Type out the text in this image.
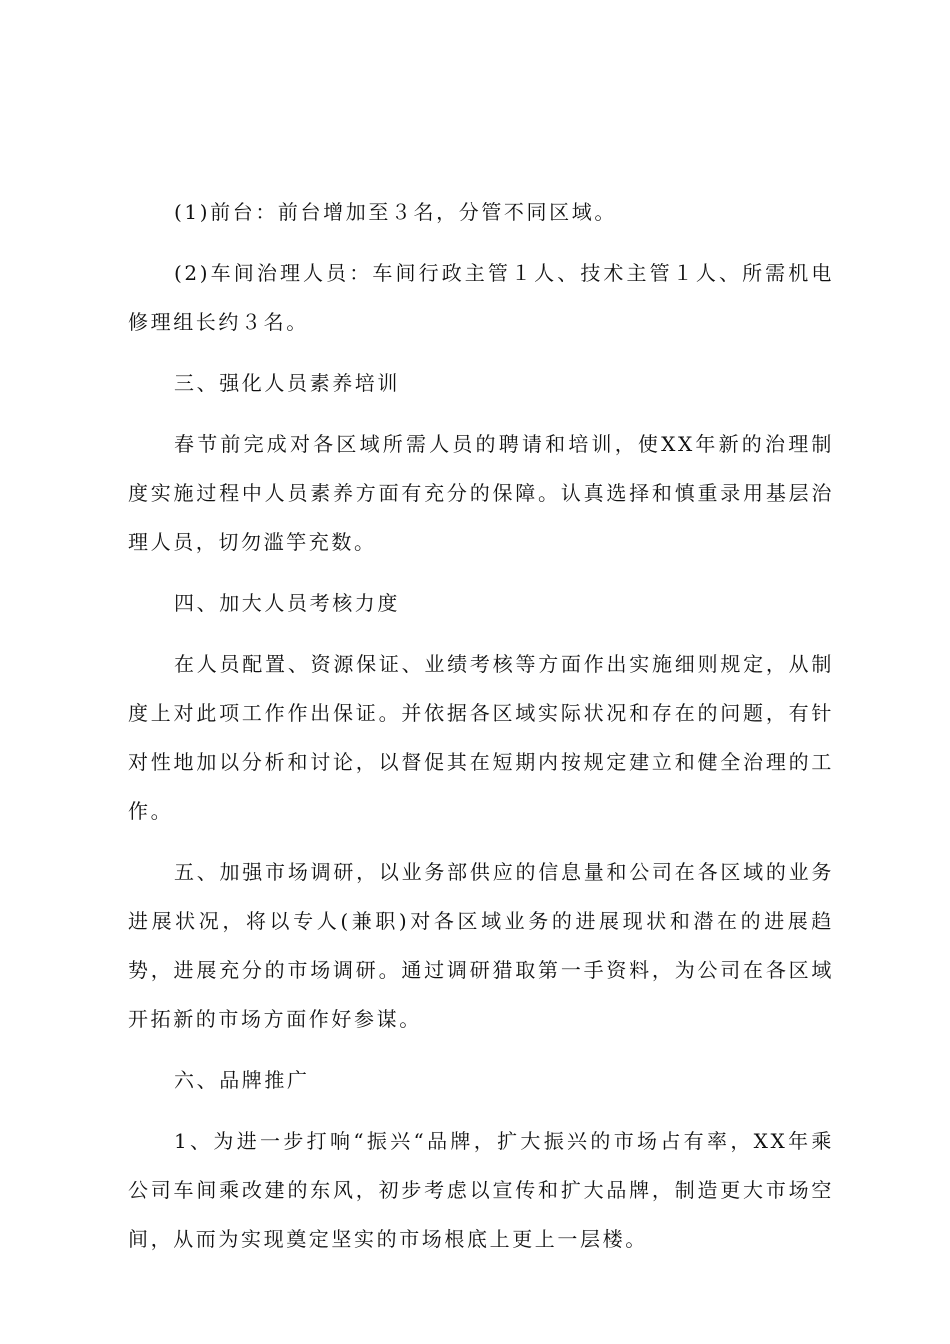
(1)前台：前台增加至３名，分管不同区域。

(2)车间治理人员：车间行政主管１人、技术主管１人、所需机电修理组长约３名。

三、强化人员素养培训

春节前完成对各区域所需人员的聘请和培训，使XX年新的治理制度实施过程中人员素养方面有充分的保障。认真选择和慎重录用基层治理人员，切勿滥竽充数。

四、加大人员考核力度

在人员配置、资源保证、业绩考核等方面作出实施细则规定，从制度上对此项工作作出保证。并依据各区域实际状况和存在的问题，有针对性地加以分析和讨论，以督促其在短期内按规定建立和健全治理的工作。

五、加强市场调研，以业务部供应的信息量和公司在各区域的业务进展状况，将以专人(兼职)对各区域业务的进展现状和潜在的进展趋势，进展充分的市场调研。通过调研猎取第一手资料，为公司在各区域开拓新的市场方面作好参谋。

六、品牌推广

1、为进一步打响“振兴“品牌，扩大振兴的市场占有率，XX年乘公司车间乘改建的东风，初步考虑以宣传和扩大品牌，制造更大市场空间，从而为实现奠定坚实的市场根底上更上一层楼。
